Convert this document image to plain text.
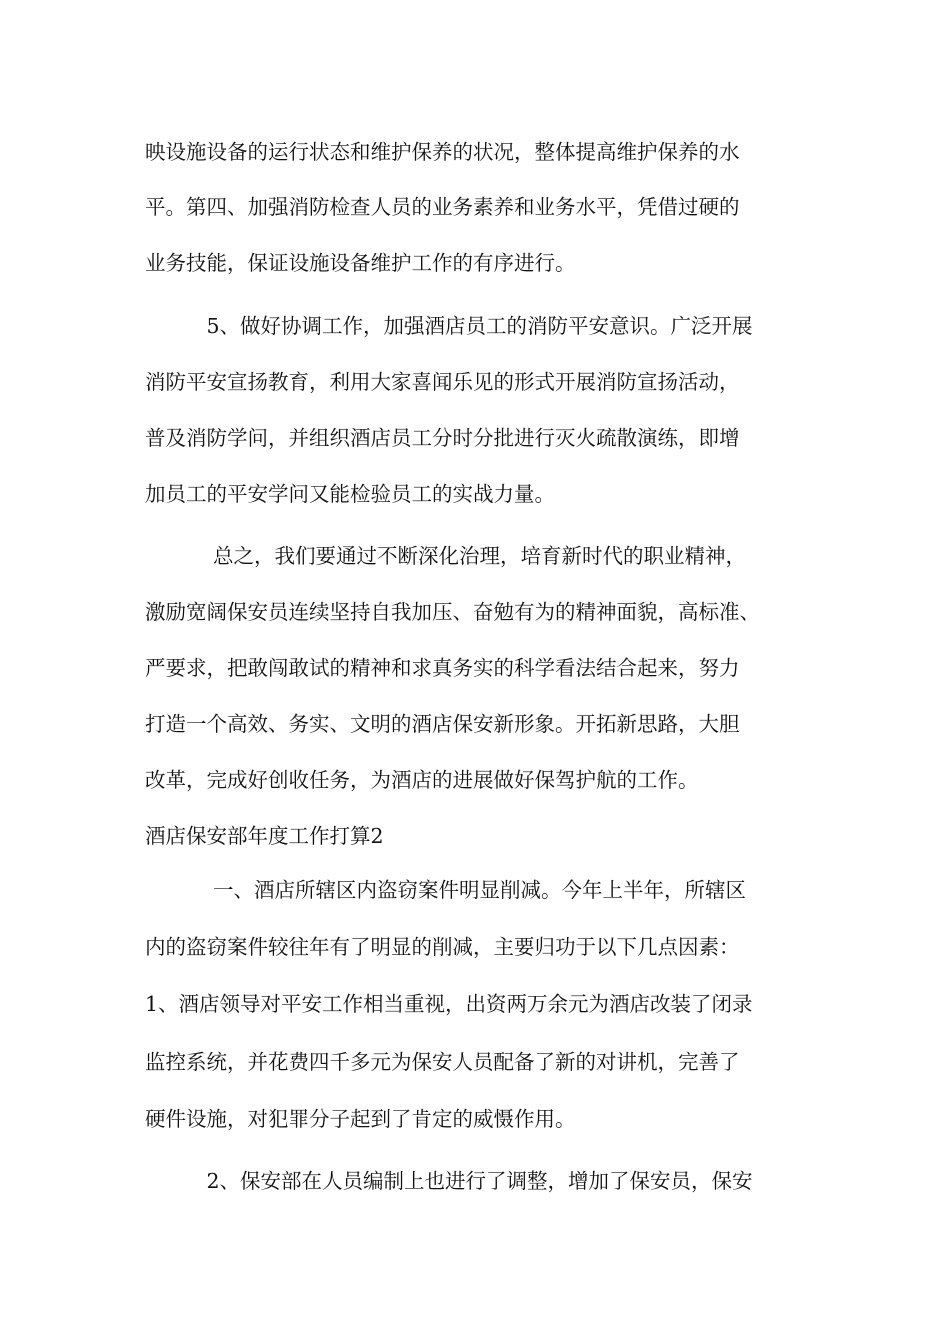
映设施设备的运行状态和维护保养的状况，整体提高维护保养的水
平。第四、加强消防检查人员的业务素养和业务水平，凭借过硬的
业务技能，保证设施设备维护工作的有序进行。
　　　5、做好协调工作，加强酒店员工的消防平安意识。广泛开展
消防平安宣扬教育，利用大家喜闻乐见的形式开展消防宣扬活动，
普及消防学问，并组织酒店员工分时分批进行灭火疏散演练，即增
加员工的平安学问又能检验员工的实战力量。
　　　 总之，我们要通过不断深化治理，培育新时代的职业精神，
激励宽阔保安员连续坚持自我加压、奋勉有为的精神面貌，高标准、
严要求，把敢闯敢试的精神和求真务实的科学看法结合起来，努力
打造一个高效、务实、文明的酒店保安新形象。开拓新思路，大胆
改革，完成好创收任务，为酒店的进展做好保驾护航的工作。
酒店保安部年度工作打算2
　　　 一、酒店所辖区内盗窃案件明显削减。今年上半年，所辖区
内的盗窃案件较往年有了明显的削减，主要归功于以下几点因素：
1、酒店领导对平安工作相当重视，出资两万余元为酒店改装了闭录
监控系统，并花费四千多元为保安人员配备了新的对讲机，完善了
硬件设施，对犯罪分子起到了肯定的威慑作用。
　　　2、保安部在人员编制上也进行了调整，增加了保安员，保安
